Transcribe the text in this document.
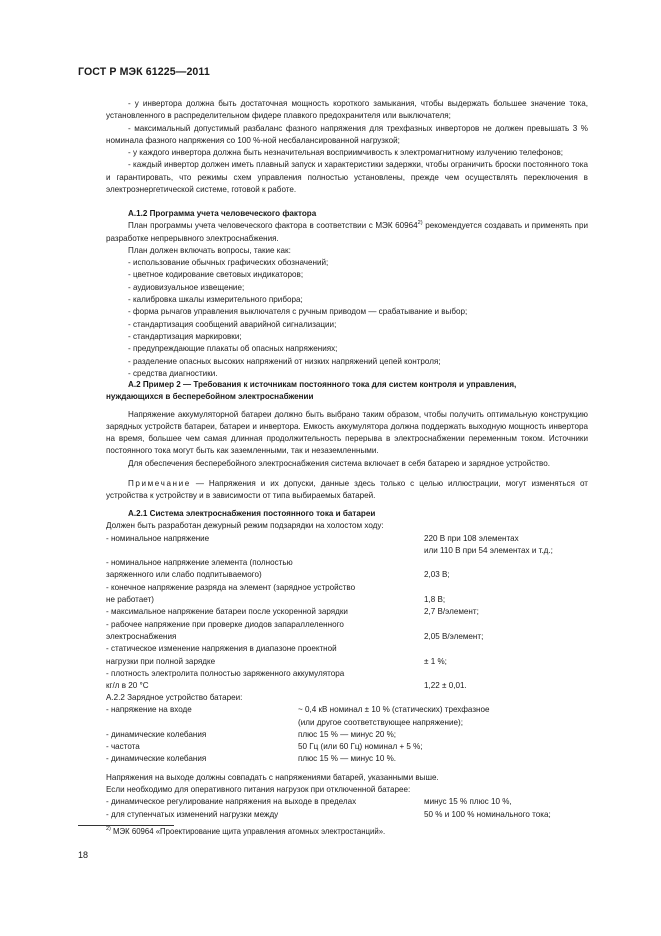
ГОСТ Р МЭК 61225—2011

- у инвертора должна быть достаточная мощность короткого замыкания, чтобы выдержать большее значение тока, установленного в распределительном фидере плавкого предохранителя или выключателя;

- максимальный допустимый разбаланс фазного напряжения для трехфазных инверторов не должен превышать 3 % номинала фазного напряжения со 100 %-ной несбалансированной нагрузкой;

- у каждого инвертора должна быть незначительная восприимчивость к электромагнитному излучению телефонов;

- каждый инвертор должен иметь плавный запуск и характеристики задержки, чтобы ограничить броски постоянного тока и гарантировать, что режимы схем управления полностью установлены, прежде чем осуществлять переключения в электроэнергетической системе, готовой к работе.

А.1.2 Программа учета человеческого фактора

План программы учета человеческого фактора в соответствии с МЭК 60964$^{2)}$ рекомендуется создавать и применять при разработке непрерывного электроснабжения.

План должен включать вопросы, такие как:

- использование обычных графических обозначений;

- цветное кодирование световых индикаторов;

- аудиовизуальное извещение;

- калибровка шкалы измерительного прибора;

- форма рычагов управления выключателя с ручным приводом — срабатывание и выбор;

- стандартизация сообщений аварийной сигнализации;

- стандартизация маркировки;

- предупреждающие плакаты об опасных напряжениях;

- разделение опасных высоких напряжений от низких напряжений цепей контроля;

- средства диагностики.

А.2 Пример 2 — Требования к источникам постоянного тока для систем контроля и управления,

нуждающихся в бесперебойном электроснабжении

Напряжение аккумуляторной батареи должно быть выбрано таким образом, чтобы получить оптимальную конструкцию зарядных устройств батареи, батареи и инвертора. Емкость аккумулятора должна поддержать выходную мощность инвертора на время, большее чем самая длинная продолжительность перерыва в электроснабжении переменным током. Источники постоянного тока могут быть как заземленными, так и незаземленными.

Для обеспечения бесперебойного электроснабжения система включает в себя батарею и зарядное устройство.

Примечание — Напряжения и их допуски, данные здесь только с целью иллюстрации, могут изменяться от устройства к устройству и в зависимости от типа выбираемых батарей.

А.2.1 Система электроснабжения постоянного тока и батареи

Должен быть разработан дежурный режим подзарядки на холостом ходу:

- номинальное напряжение	220 В при 108 элементах
или 110 В при 54 элементах и т.д.;
- номинальное напряжение элемента (полностью
заряженного или слабо подпитываемого)	2,03 В;
- конечное напряжение разряда на элемент (зарядное устройство
не работает)	1,8 В;
- максимальное напряжение батареи после ускоренной зарядки	2,7 В/элемент;
- рабочее напряжение при проверке диодов запараллеленного
электроснабжения	2,05 В/элемент;
- статическое изменение напряжения в диапазоне проектной
нагрузки при полной зарядке	± 1 %;
- плотность электролита полностью заряженного аккумулятора
кг/л в 20 °С	1,22 ± 0,01.

А.2.2 Зарядное устройство батареи:

- напряжение на входе	~ 0,4 кВ номинал ± 10 % (статических) трехфазное
(или другое соответствующее напряжение);
- динамические колебания	плюс 15 % — минус 20 %;
- частота	50 Гц (или 60 Гц) номинал + 5 %;
- динамические колебания	плюс 15 % — минус 10 %.

Напряжения на выходе должны совпадать с напряжениями батарей, указанными выше.

Если необходимо для оперативного питания нагрузок при отключенной батарее:

- динамическое регулирование напряжения на выходе в пределах	минус 15 % плюс 10 %,
- для ступенчатых изменений нагрузки между	50 % и 100 % номинального тока;
$^{2)}$ МЭК 60964 «Проектирование щита управления атомных электростанций».
18
